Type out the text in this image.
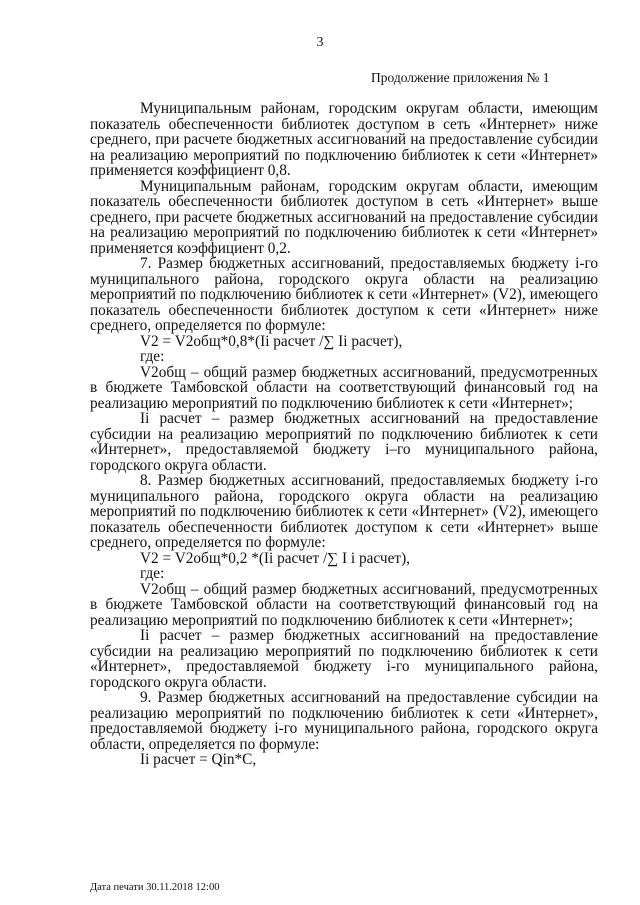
3
Продолжение приложения № 1

Муниципальным районам, городским округам области, имеющим показатель обеспеченности библиотек доступом в сеть «Интернет» ниже среднего, при расчете бюджетных ассигнований на предоставление субсидии на реализацию мероприятий по подключению библиотек к сети «Интернет» применяется коэффициент 0,8.

Муниципальным районам, городским округам области, имеющим показатель обеспеченности библиотек доступом в сеть «Интернет» выше среднего, при расчете бюджетных ассигнований на предоставление субсидии на реализацию мероприятий по подключению библиотек к сети «Интернет» применяется коэффициент 0,2.

7. Размер бюджетных ассигнований, предоставляемых бюджету i-го муниципального района, городского округа области на реализацию мероприятий по подключению библиотек к сети «Интернет» (V2), имеющего показатель обеспеченности библиотек доступом к сети «Интернет» ниже среднего, определяется по формуле:

V2 = V2общ*0,8*(Ii расчет /∑ Ii расчет),

где:

V2общ – общий размер бюджетных ассигнований, предусмотренных в бюджете Тамбовской области на соответствующий финансовый год на реализацию мероприятий по подключению библиотек к сети «Интернет»;

Ii расчет – размер бюджетных ассигнований на предоставление субсидии на реализацию мероприятий по подключению библиотек к сети «Интернет», предоставляемой бюджету i–го муниципального района, городского округа области.

8. Размер бюджетных ассигнований, предоставляемых бюджету i-го муниципального района, городского округа области на реализацию мероприятий по подключению библиотек к сети «Интернет» (V2), имеющего показатель обеспеченности библиотек доступом к сети «Интернет» выше среднего, определяется по формуле:

V2 = V2общ*0,2 *(Ii расчет /∑ I i расчет),

где:

V2общ – общий размер бюджетных ассигнований, предусмотренных в бюджете Тамбовской области на соответствующий финансовый год на реализацию мероприятий по подключению библиотек к сети «Интернет»;

Ii расчет – размер бюджетных ассигнований на предоставление субсидии на реализацию мероприятий по подключению библиотек к сети «Интернет», предоставляемой бюджету i-го муниципального района, городского округа области.

9. Размер бюджетных ассигнований на предоставление субсидии на реализацию мероприятий по подключению библиотек к сети «Интернет», предоставляемой бюджету i-го муниципального района, городского округа области, определяется по формуле:

Ii расчет = Qin*C,

Дата печати 30.11.2018 12:00
